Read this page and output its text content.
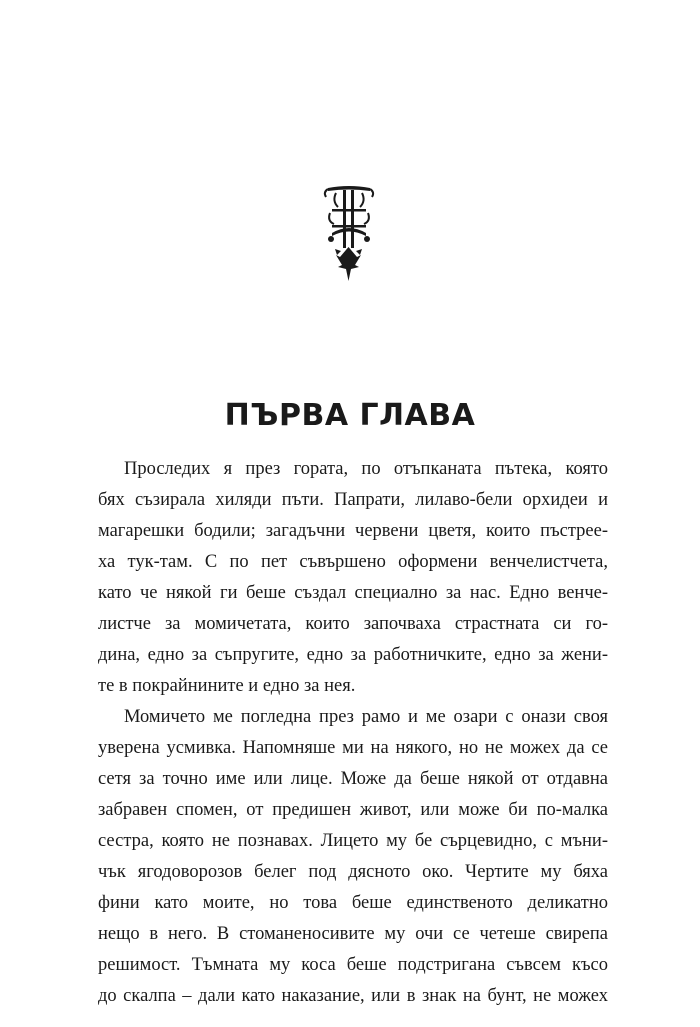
ПЪРВА ГЛАВА
Проследих я през гората, по отъпканата пътека, която
бях съзирала хиляди пъти. Папрати, лилаво-бели орхидеи и
магарешки бодили; загадъчни червени цветя, които пъстрее-
ха тук-там. С по пет съвършено оформени венчелистчета,
като че някой ги беше създал специално за нас. Едно венче-
листче за момичетата, които започваха страстната си го-
дина, едно за съпругите, едно за работничките, едно за жени-
те в покрайнините и едно за нея.
Момичето ме погледна през рамо и ме озари с онази своя
уверена усмивка. Напомняше ми на някого, но не можех да се
сетя за точно име или лице. Може да беше някой от отдавна
забравен спомен, от предишен живот, или може би по-малка
сестра, която не познавах. Лицето му бе сърцевидно, с мъни-
чък ягодоворозов белег под дясното око. Чертите му бяха
фини като моите, но това беше единственото деликатно
нещо в него. В стоманеносивите му очи се четеше свирепа
решимост. Тъмната му коса беше подстригана съвсем късо
до скалпа – дали като наказание, или в знак на бунт, не можех
